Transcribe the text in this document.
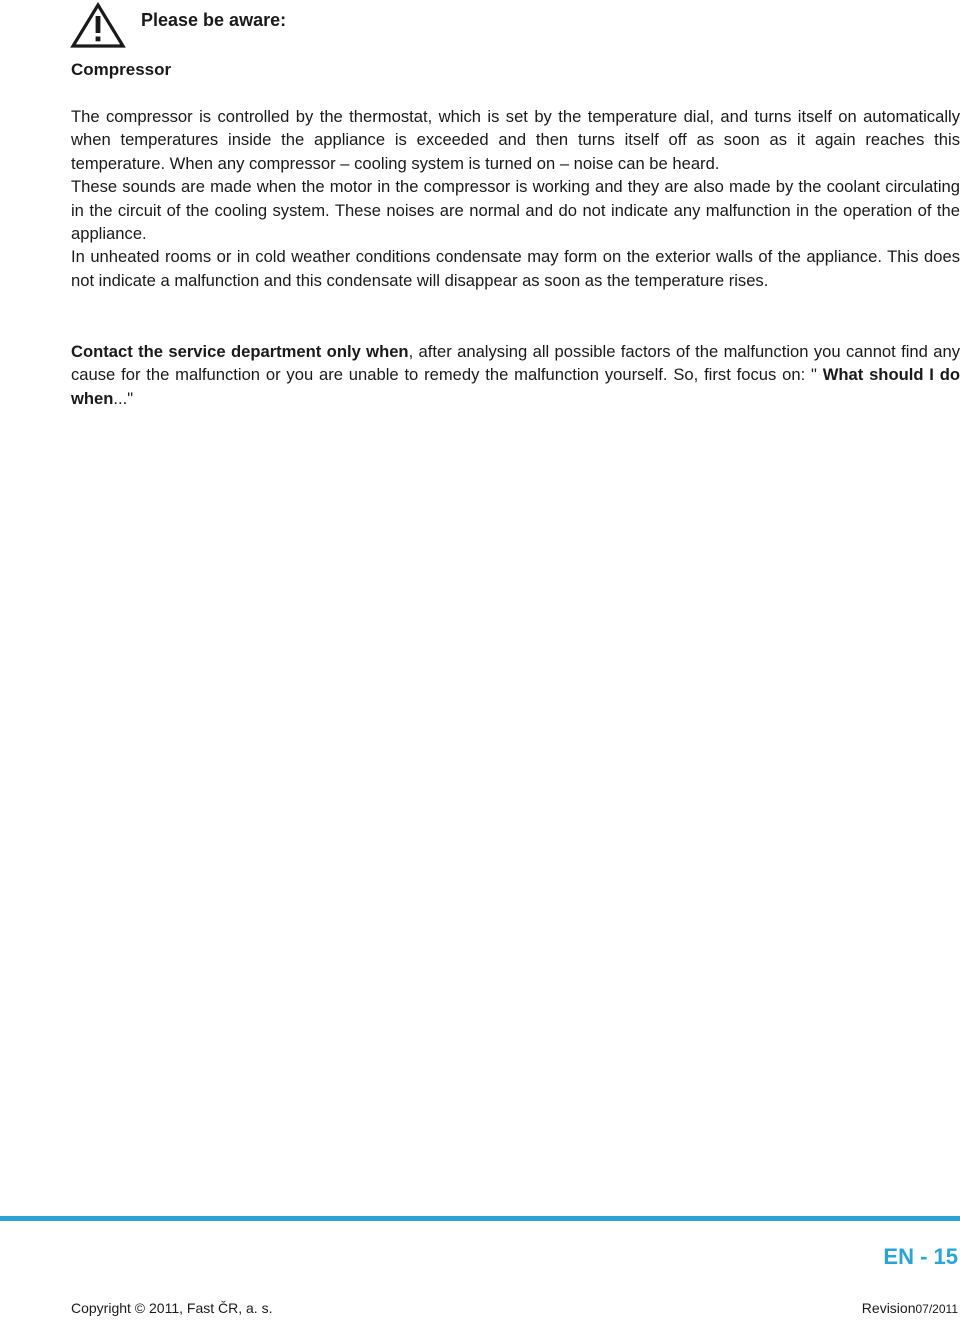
Please be aware:
Compressor

The compressor is controlled by the thermostat, which is set by the temperature dial, and turns itself on automatically when temperatures inside the appliance is exceeded and then turns itself off as soon as it again reaches this temperature. When any compressor – cooling system is turned on – noise can be heard.

These sounds are made when the motor in the compressor is working and they are also made by the coolant circulating in the circuit of the cooling system. These noises are normal and do not indicate any malfunction in the operation of the appliance.

In unheated rooms or in cold weather conditions condensate may form on the exterior walls of the appliance. This does not indicate a malfunction and this condensate will disappear as soon as the temperature rises.

Contact the service department only when, after analysing all possible factors of the malfunction you cannot find any cause for the malfunction or you are unable to remedy the malfunction yourself. So, first focus on: " What should I do when..."

EN - 15
Copyright © 2011, Fast ČR, a. s.	Revision07/2011
